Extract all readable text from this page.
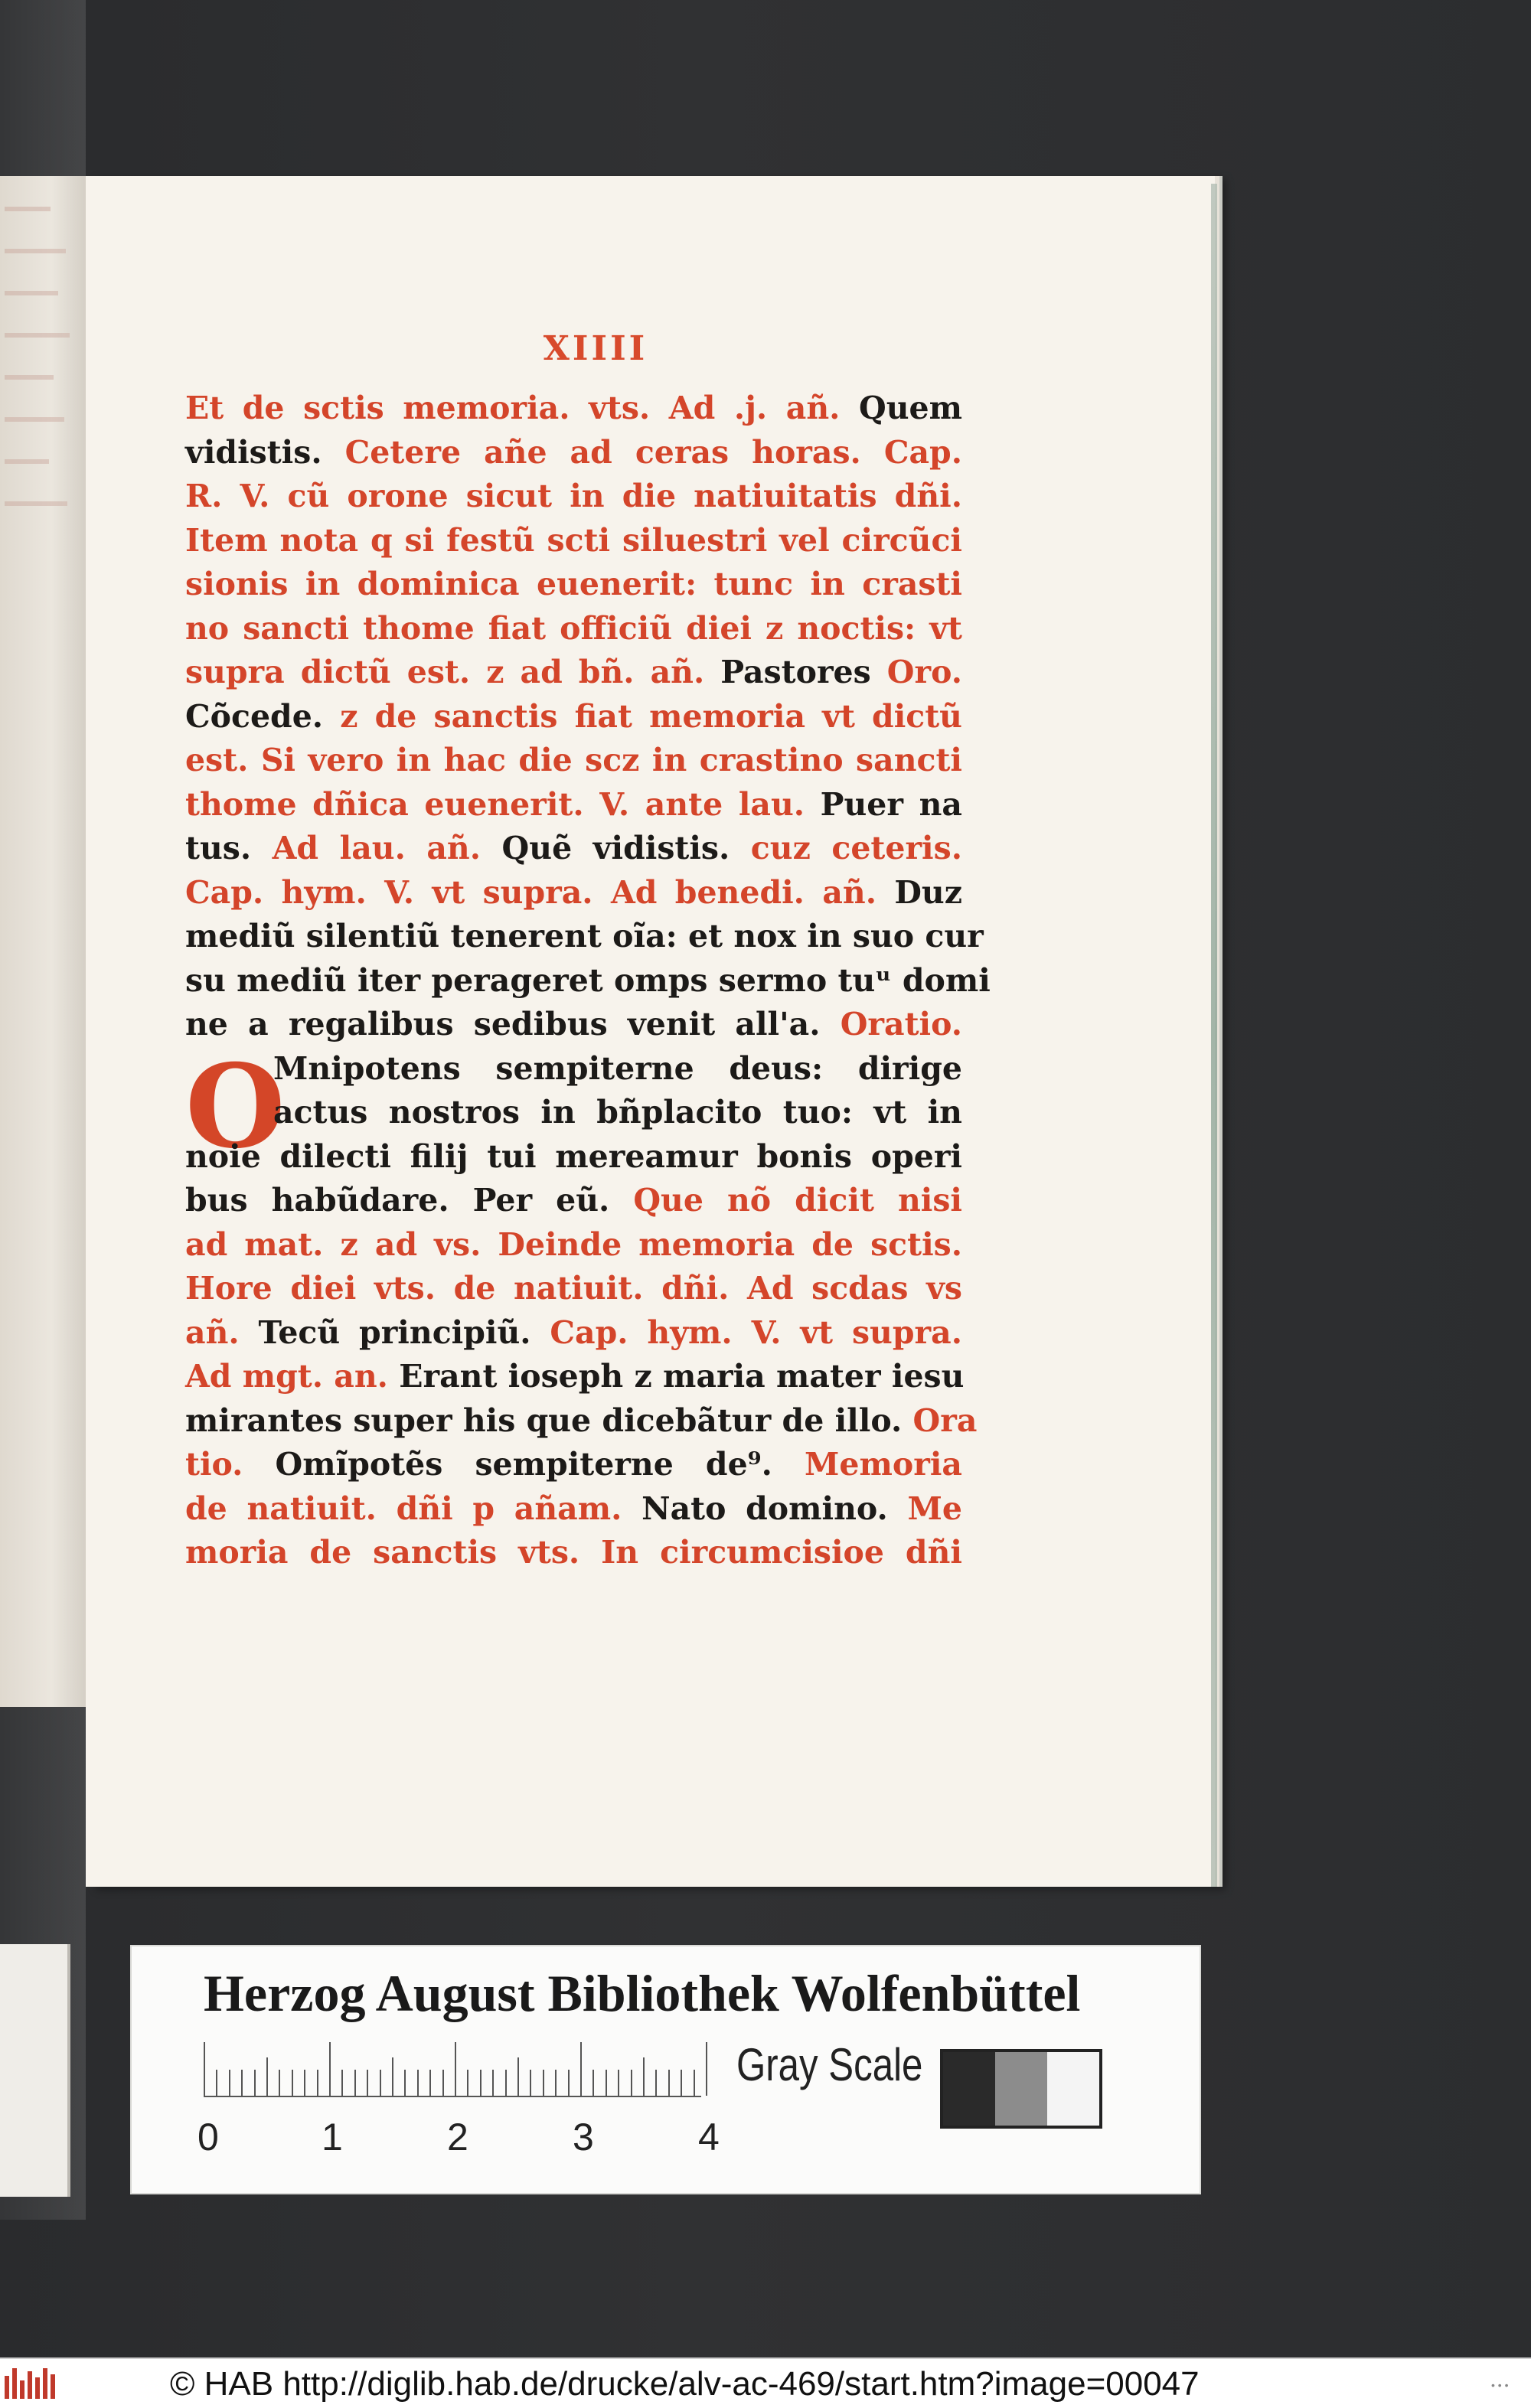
XIIII
O
Et de sctis memoria. vts. Ad .j. añ. Quem
vidistis. Cetere añe ad ceras horas. Cap.
R. V. cũ orone sicut in die natiuitatis dñi.
Item nota q si festũ scti siluestri vel circũci
sionis in dominica euenerit: tunc in crasti
no sancti thome fiat officiũ diei z noctis: vt
supra dictũ est. z ad bñ. añ. Pastores Oro.
Cõcede. z de sanctis fiat memoria vt dictũ
est. Si vero in hac die scz in crastino sancti
thome dñica euenerit. V. ante lau. Puer na
tus. Ad lau. añ. Quẽ vidistis. cuz ceteris.
Cap. hym. V. vt supra. Ad benedi. añ. Duz
mediũ silentiũ tenerent oĩa: et nox in suo cur
su mediũ iter perageret omps sermo tuᵘ domi
ne a regalibus sedibus venit all'a. Oratio.
Mnipotens sempiterne deus: dirige
actus nostros in bñplacito tuo: vt in
noie dilecti filij tui mereamur bonis operi
bus habũdare. Per eũ. Que nõ dicit nisi
ad mat. z ad vs. Deinde memoria de sctis.
Hore diei vts. de natiuit. dñi. Ad scdas vs
añ. Tecũ principiũ. Cap. hym. V. vt supra.
Ad mgt. an. Erant ioseph z maria mater iesu
mirantes super his que dicebãtur de illo. Ora
tio. Omĩpotẽs sempiterne de⁹. Memoria
de natiuit. dñi p añam. Nato domino. Me
moria de sanctis vts. In circumcisioe dñi
Herzog August Bibliothek Wolfenbüttel
0	1	2	3	4
Gray Scale
© HAB http://diglib.hab.de/drucke/alv-ac-469/start.htm?image=00047	• • •
